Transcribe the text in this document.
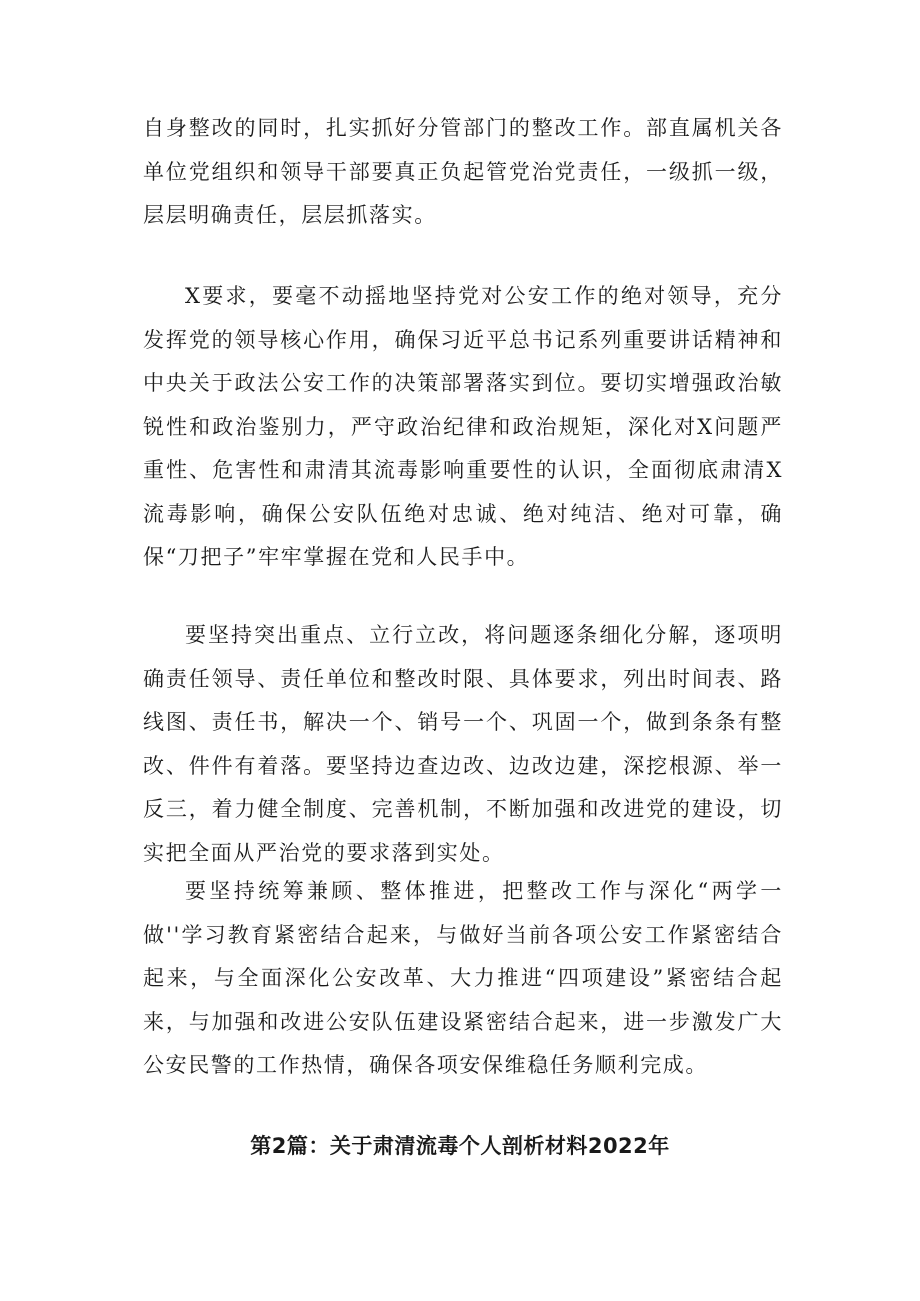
自身整改的同时，扎实抓好分管部门的整改工作。部直属机关各单位党组织和领导干部要真正负起管党治党责任，一级抓一级，层层明确责任，层层抓落实。

X要求，要毫不动摇地坚持党对公安工作的绝对领导，充分发挥党的领导核心作用，确保习近平总书记系列重要讲话精神和中央关于政法公安工作的决策部署落实到位。要切实增强政治敏锐性和政治鉴别力，严守政治纪律和政治规矩，深化对X问题严重性、危害性和肃清其流毒影响重要性的认识，全面彻底肃清X流毒影响，确保公安队伍绝对忠诚、绝对纯洁、绝对可靠，确保“刀把子”牢牢掌握在党和人民手中。

要坚持突出重点、立行立改，将问题逐条细化分解，逐项明确责任领导、责任单位和整改时限、具体要求，列出时间表、路线图、责任书，解决一个、销号一个、巩固一个，做到条条有整改、件件有着落。要坚持边查边改、边改边建，深挖根源、举一反三，着力健全制度、完善机制，不断加强和改进党的建设，切实把全面从严治党的要求落到实处。

要坚持统筹兼顾、整体推进，把整改工作与深化“两学一做''学习教育紧密结合起来，与做好当前各项公安工作紧密结合起来，与全面深化公安改革、大力推进“四项建设”紧密结合起来，与加强和改进公安队伍建设紧密结合起来，进一步激发广大公安民警的工作热情，确保各项安保维稳任务顺利完成。

第2篇：关于肃清流毒个人剖析材料2022年
